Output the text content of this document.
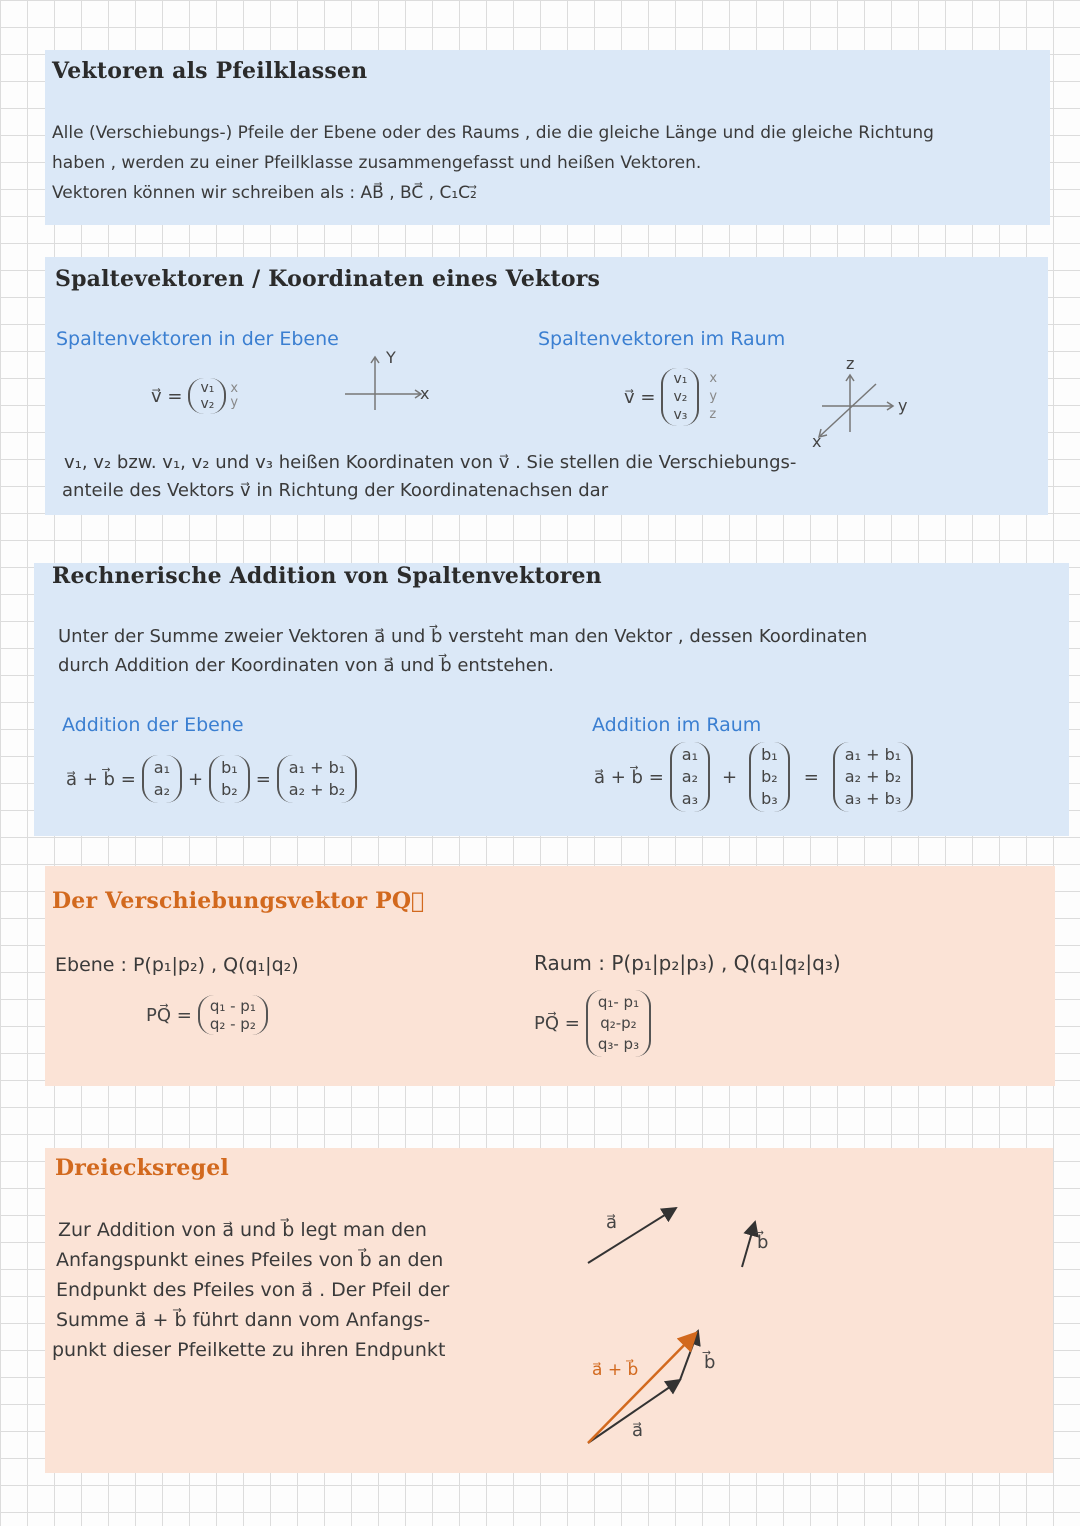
Vektoren als Pfeilklassen
Alle (Verschiebungs-) Pfeile der Ebene oder des Raums , die die gleiche Länge und die gleiche Richtung
haben , werden zu einer Pfeilklasse zusammengefasst und heißen Vektoren.
Vektoren können wir schreiben als : AB⃗ , BC⃗ , C₁C₂⃗
Spaltevektoren / Koordinaten eines Vektors
Spaltenvektoren in der Ebene	Spaltenvektoren im Raum
v⃗ = v₁
v₂
x
y	x
Y
v⃗ =
v₁
v₂
v₃
x
y
z
z
y
x
v₁, v₂ bzw. v₁, v₂ und v₃ heißen Koordinaten von v⃗ . Sie stellen die Verschiebungs-
anteile des Vektors v⃗ in Richtung der Koordinatenachsen dar
Rechnerische Addition von Spaltenvektoren
Unter der Summe zweier Vektoren a⃗ und b⃗ versteht man den Vektor , dessen Koordinaten
durch Addition der Koordinaten von a⃗ und b⃗ entstehen.
Addition der Ebene	Addition im Raum
a⃗ + b⃗ =
a₁
a₂ +
b₁
b₂ =
a₁ + b₁
a₂ + b₂
a⃗ + b⃗ =
a₁
a₂
a₃
+
b₁
b₂
b₃
=
a₁ + b₁
a₂ + b₂
a₃ + b₃
Der Verschiebungsvektor PQ⃗
Ebene : P(p₁|p₂) , Q(q₁|q₂)	Raum : P(p₁|p₂|p₃) , Q(q₁|q₂|q₃)
PQ⃗ = q₁ - p₁
q₂ - p₂	PQ⃗ =
q₁- p₁
q₂-p₂
q₃- p₃
Dreiecksregel
Zur Addition von a⃗ und b⃗ legt man den
Anfangspunkt eines Pfeiles von b⃗ an den
Endpunkt des Pfeiles von a⃗ . Der Pfeil der
Summe a⃗ + b⃗ führt dann vom Anfangs-
punkt dieser Pfeilkette zu ihren Endpunkt
a⃗
b⃗
a⃗ + b⃗	b⃗
a⃗
